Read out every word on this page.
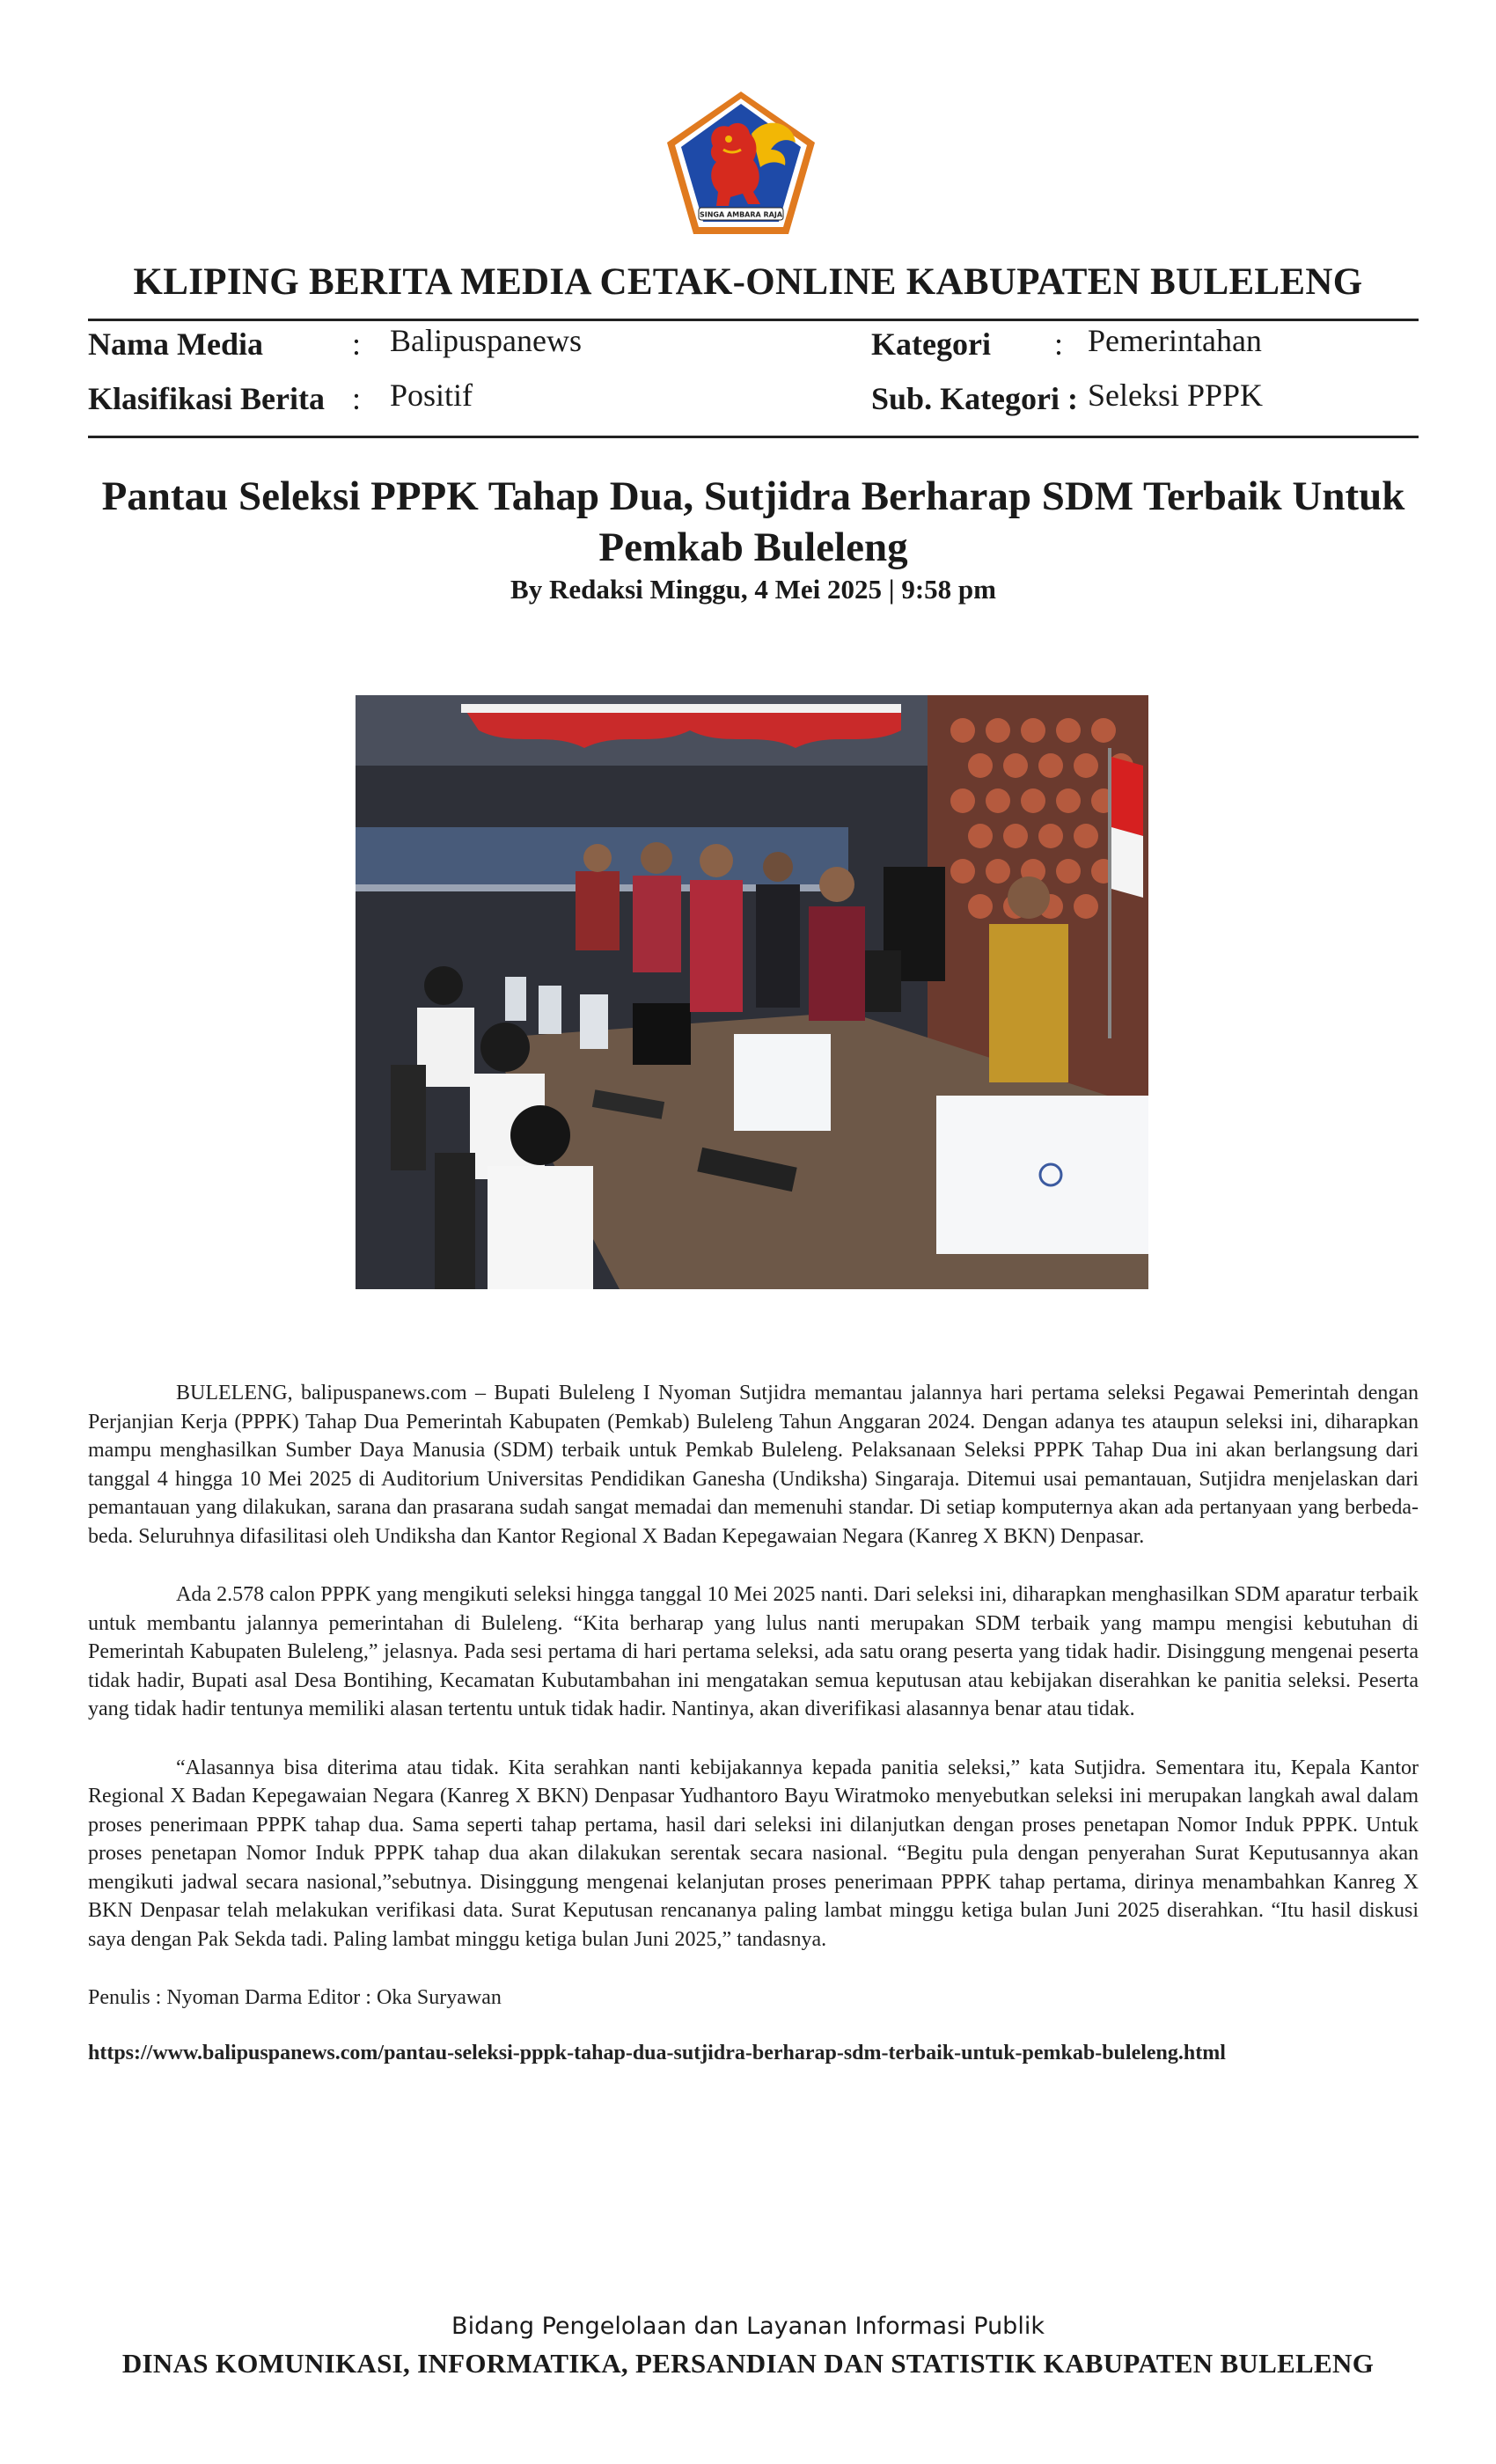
SINGA AMBARA RAJA
KLIPING BERITA MEDIA CETAK-ONLINE KABUPATEN BULELENG
Nama Media	: Balipuspanews
Klasifikasi Berita : Positif
Kategori : Pemerintahan
Sub. Kategori : Seleksi PPPK
Pantau Seleksi PPPK Tahap Dua, Sutjidra Berharap SDM Terbaik Untuk Pemkab Buleleng
By Redaksi Minggu, 4 Mei 2025 | 9:58 pm

BULELENG, balipuspanews.com – Bupati Buleleng I Nyoman Sutjidra memantau jalannya hari pertama seleksi Pegawai Pemerintah dengan Perjanjian Kerja (PPPK) Tahap Dua Pemerintah Kabupaten (Pemkab) Buleleng Tahun Anggaran 2024. Dengan adanya tes ataupun seleksi ini, diharapkan mampu menghasilkan Sumber Daya Manusia (SDM) terbaik untuk Pemkab Buleleng. Pelaksanaan Seleksi PPPK Tahap Dua ini akan berlangsung dari tanggal 4 hingga 10 Mei 2025 di Auditorium Universitas Pendidikan Ganesha (Undiksha) Singaraja. Ditemui usai pemantauan, Sutjidra menjelaskan dari pemantauan yang dilakukan, sarana dan prasarana sudah sangat memadai dan memenuhi standar. Di setiap komputernya akan ada pertanyaan yang berbeda-beda. Seluruhnya difasilitasi oleh Undiksha dan Kantor Regional X Badan Kepegawaian Negara (Kanreg X BKN) Denpasar.

Ada 2.578 calon PPPK yang mengikuti seleksi hingga tanggal 10 Mei 2025 nanti. Dari seleksi ini, diharapkan menghasilkan SDM aparatur terbaik untuk membantu jalannya pemerintahan di Buleleng. “Kita berharap yang lulus nanti merupakan SDM terbaik yang mampu mengisi kebutuhan di Pemerintah Kabupaten Buleleng,” jelasnya. Pada sesi pertama di hari pertama seleksi, ada satu orang peserta yang tidak hadir. Disinggung mengenai peserta tidak hadir, Bupati asal Desa Bontihing, Kecamatan Kubutambahan ini mengatakan semua keputusan atau kebijakan diserahkan ke panitia seleksi. Peserta yang tidak hadir tentunya memiliki alasan tertentu untuk tidak hadir. Nantinya, akan diverifikasi alasannya benar atau tidak.

“Alasannya bisa diterima atau tidak. Kita serahkan nanti kebijakannya kepada panitia seleksi,” kata Sutjidra. Sementara itu, Kepala Kantor Regional X Badan Kepegawaian Negara (Kanreg X BKN) Denpasar Yudhantoro Bayu Wiratmoko menyebutkan seleksi ini merupakan langkah awal dalam proses penerimaan PPPK tahap dua. Sama seperti tahap pertama, hasil dari seleksi ini dilanjutkan dengan proses penetapan Nomor Induk PPPK. Untuk proses penetapan Nomor Induk PPPK tahap dua akan dilakukan serentak secara nasional. “Begitu pula dengan penyerahan Surat Keputusannya akan mengikuti jadwal secara nasional,”sebutnya. Disinggung mengenai kelanjutan proses penerimaan PPPK tahap pertama, dirinya menambahkan Kanreg X BKN Denpasar telah melakukan verifikasi data. Surat Keputusan rencananya paling lambat minggu ketiga bulan Juni 2025 diserahkan. “Itu hasil diskusi saya dengan Pak Sekda tadi. Paling lambat minggu ketiga bulan Juni 2025,” tandasnya.

Penulis : Nyoman Darma Editor : Oka Suryawan

https://www.balipuspanews.com/pantau-seleksi-pppk-tahap-dua-sutjidra-berharap-sdm-terbaik-untuk-pemkab-buleleng.html

Bidang Pengelolaan dan Layanan Informasi Publik
DINAS KOMUNIKASI, INFORMATIKA, PERSANDIAN DAN STATISTIK KABUPATEN BULELENG
